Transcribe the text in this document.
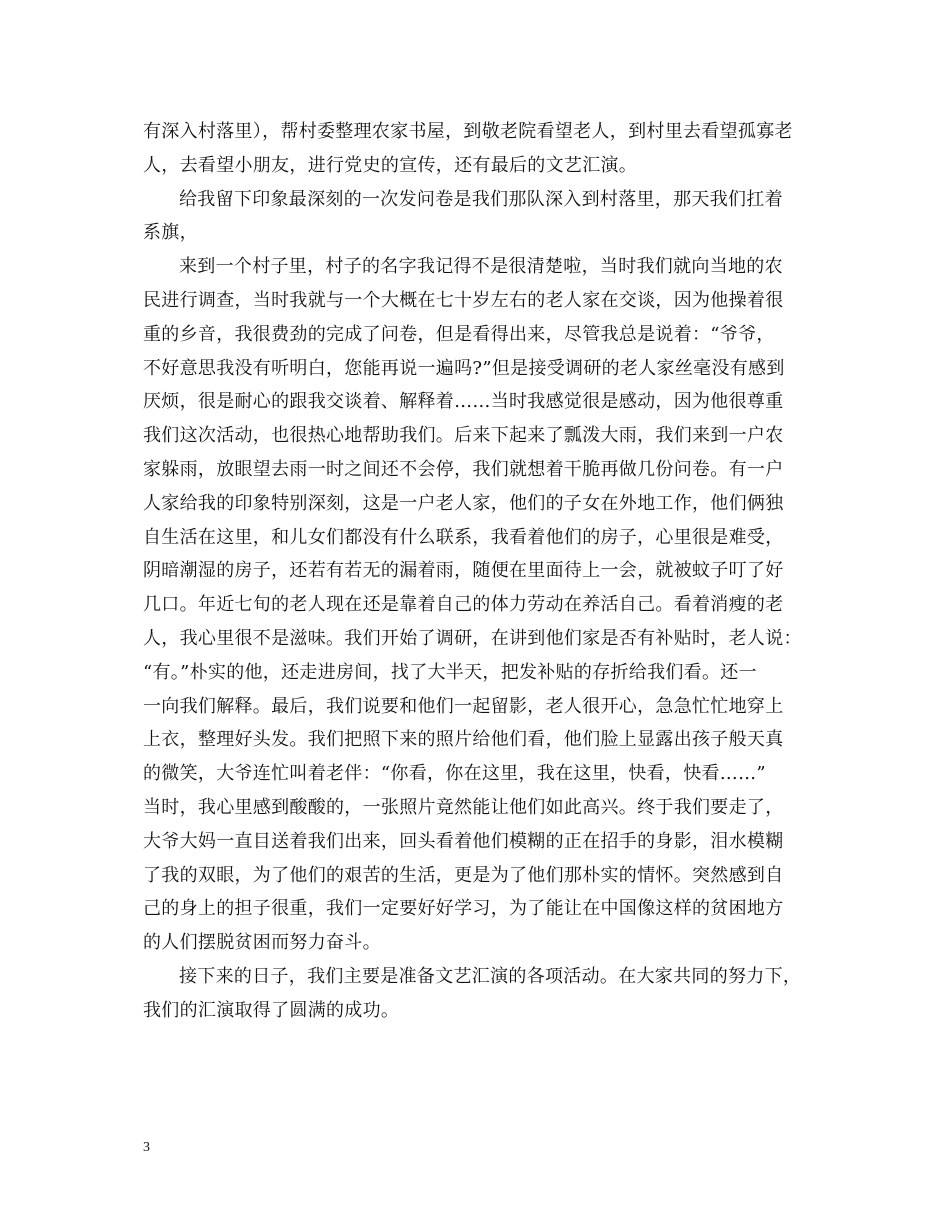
有深入村落里），帮村委整理农家书屋，到敬老院看望老人，到村里去看望孤寡老
人，去看望小朋友，进行党史的宣传，还有最后的文艺汇演。

给我留下印象最深刻的一次发问卷是我们那队深入到村落里，那天我们扛着
系旗，

来到一个村子里，村子的名字我记得不是很清楚啦，当时我们就向当地的农
民进行调查，当时我就与一个大概在七十岁左右的老人家在交谈，因为他操着很
重的乡音，我很费劲的完成了问卷，但是看得出来，尽管我总是说着：“爷爷，
不好意思我没有听明白，您能再说一遍吗?”但是接受调研的老人家丝毫没有感到
厌烦，很是耐心的跟我交谈着、解释着……当时我感觉很是感动，因为他很尊重
我们这次活动，也很热心地帮助我们。后来下起来了瓢泼大雨，我们来到一户农
家躲雨，放眼望去雨一时之间还不会停，我们就想着干脆再做几份问卷。有一户
人家给我的印象特别深刻，这是一户老人家，他们的子女在外地工作，他们俩独
自生活在这里，和儿女们都没有什么联系，我看着他们的房子，心里很是难受，
阴暗潮湿的房子，还若有若无的漏着雨，随便在里面待上一会，就被蚊子叮了好
几口。年近七旬的老人现在还是靠着自己的体力劳动在养活自己。看着消瘦的老
人，我心里很不是滋味。我们开始了调研，在讲到他们家是否有补贴时，老人说：
“有。”朴实的他，还走进房间，找了大半天，把发补贴的存折给我们看。还一
一向我们解释。最后，我们说要和他们一起留影，老人很开心，急急忙忙地穿上
上衣，整理好头发。我们把照下来的照片给他们看，他们脸上显露出孩子般天真
的微笑，大爷连忙叫着老伴：“你看，你在这里，我在这里，快看，快看……”
当时，我心里感到酸酸的，一张照片竟然能让他们如此高兴。终于我们要走了，
大爷大妈一直目送着我们出来，回头看着他们模糊的正在招手的身影，泪水模糊
了我的双眼，为了他们的艰苦的生活，更是为了他们那朴实的情怀。突然感到自
己的身上的担子很重，我们一定要好好学习，为了能让在中国像这样的贫困地方
的人们摆脱贫困而努力奋斗。

接下来的日子，我们主要是准备文艺汇演的各项活动。在大家共同的努力下，
我们的汇演取得了圆满的成功。

3
